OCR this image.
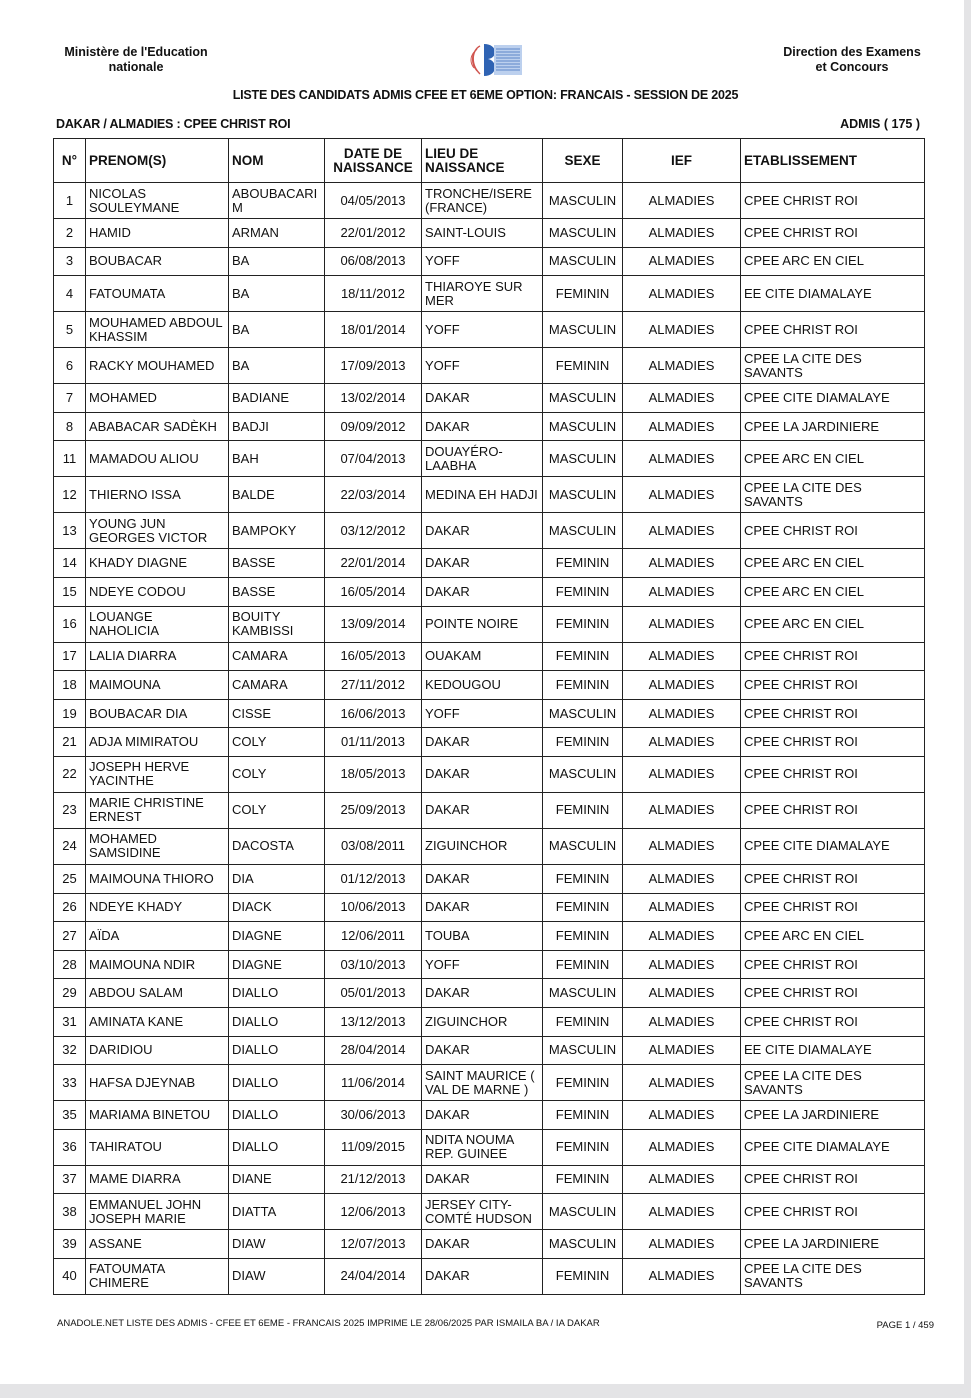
Ministère de l'Education
nationale
Direction des Examens
et Concours
LISTE DES CANDIDATS ADMIS CFEE ET 6EME OPTION: FRANCAIS - SESSION DE 2025
DAKAR / ALMADIES : CPEE CHRIST ROI	ADMIS ( 175 )
N°	PRENOM(S)	NOM	DATE DE NAISSANCE	LIEU DE NAISSANCE	SEXE	IEF	ETABLISSEMENT
1	NICOLAS SOULEYMANE	ABOUBACARI M	04/05/2013	TRONCHE/ISERE (FRANCE)	MASCULIN	ALMADIES	CPEE CHRIST ROI
2	HAMID	ARMAN	22/01/2012	SAINT-LOUIS	MASCULIN	ALMADIES	CPEE CHRIST ROI
3	BOUBACAR	BA	06/08/2013	YOFF	MASCULIN	ALMADIES	CPEE ARC EN CIEL
4	FATOUMATA	BA	18/11/2012	THIAROYE SUR MER	FEMININ	ALMADIES	EE CITE DIAMALAYE
5	MOUHAMED ABDOUL KHASSIM	BA	18/01/2014	YOFF	MASCULIN	ALMADIES	CPEE CHRIST ROI
6	RACKY MOUHAMED	BA	17/09/2013	YOFF	FEMININ	ALMADIES	CPEE LA CITE DES SAVANTS
7	MOHAMED	BADIANE	13/02/2014	DAKAR	MASCULIN	ALMADIES	CPEE CITE DIAMALAYE
8	ABABACAR SADÈKH	BADJI	09/09/2012	DAKAR	MASCULIN	ALMADIES	CPEE LA JARDINIERE
11	MAMADOU ALIOU	BAH	07/04/2013	DOUAYÉRO-LAABHA	MASCULIN	ALMADIES	CPEE ARC EN CIEL
12	THIERNO ISSA	BALDE	22/03/2014	MEDINA EH HADJI	MASCULIN	ALMADIES	CPEE LA CITE DES SAVANTS
13	YOUNG JUN GEORGES VICTOR	BAMPOKY	03/12/2012	DAKAR	MASCULIN	ALMADIES	CPEE CHRIST ROI
14	KHADY DIAGNE	BASSE	22/01/2014	DAKAR	FEMININ	ALMADIES	CPEE ARC EN CIEL
15	NDEYE CODOU	BASSE	16/05/2014	DAKAR	FEMININ	ALMADIES	CPEE ARC EN CIEL
16	LOUANGE NAHOLICIA	BOUITY KAMBISSI	13/09/2014	POINTE NOIRE	FEMININ	ALMADIES	CPEE ARC EN CIEL
17	LALIA DIARRA	CAMARA	16/05/2013	OUAKAM	FEMININ	ALMADIES	CPEE CHRIST ROI
18	MAIMOUNA	CAMARA	27/11/2012	KEDOUGOU	FEMININ	ALMADIES	CPEE CHRIST ROI
19	BOUBACAR DIA	CISSE	16/06/2013	YOFF	MASCULIN	ALMADIES	CPEE CHRIST ROI
21	ADJA MIMIRATOU	COLY	01/11/2013	DAKAR	FEMININ	ALMADIES	CPEE CHRIST ROI
22	JOSEPH HERVE YACINTHE	COLY	18/05/2013	DAKAR	MASCULIN	ALMADIES	CPEE CHRIST ROI
23	MARIE CHRISTINE ERNEST	COLY	25/09/2013	DAKAR	FEMININ	ALMADIES	CPEE CHRIST ROI
24	MOHAMED SAMSIDINE	DACOSTA	03/08/2011	ZIGUINCHOR	MASCULIN	ALMADIES	CPEE CITE DIAMALAYE
25	MAIMOUNA THIORO	DIA	01/12/2013	DAKAR	FEMININ	ALMADIES	CPEE CHRIST ROI
26	NDEYE KHADY	DIACK	10/06/2013	DAKAR	FEMININ	ALMADIES	CPEE CHRIST ROI
27	AÏDA	DIAGNE	12/06/2011	TOUBA	FEMININ	ALMADIES	CPEE ARC EN CIEL
28	MAIMOUNA NDIR	DIAGNE	03/10/2013	YOFF	FEMININ	ALMADIES	CPEE CHRIST ROI
29	ABDOU SALAM	DIALLO	05/01/2013	DAKAR	MASCULIN	ALMADIES	CPEE CHRIST ROI
31	AMINATA KANE	DIALLO	13/12/2013	ZIGUINCHOR	FEMININ	ALMADIES	CPEE CHRIST ROI
32	DARIDIOU	DIALLO	28/04/2014	DAKAR	MASCULIN	ALMADIES	EE CITE DIAMALAYE
33	HAFSA DJEYNAB	DIALLO	11/06/2014	SAINT MAURICE ( VAL DE MARNE )	FEMININ	ALMADIES	CPEE LA CITE DES SAVANTS
35	MARIAMA BINETOU	DIALLO	30/06/2013	DAKAR	FEMININ	ALMADIES	CPEE LA JARDINIERE
36	TAHIRATOU	DIALLO	11/09/2015	NDITA NOUMA REP. GUINEE	FEMININ	ALMADIES	CPEE CITE DIAMALAYE
37	MAME DIARRA	DIANE	21/12/2013	DAKAR	FEMININ	ALMADIES	CPEE CHRIST ROI
38	EMMANUEL JOHN JOSEPH MARIE	DIATTA	12/06/2013	JERSEY CITY-COMTÉ HUDSON	MASCULIN	ALMADIES	CPEE CHRIST ROI
39	ASSANE	DIAW	12/07/2013	DAKAR	MASCULIN	ALMADIES	CPEE LA JARDINIERE
40	FATOUMATA CHIMERE	DIAW	24/04/2014	DAKAR	FEMININ	ALMADIES	CPEE LA CITE DES SAVANTS
ANADOLE.NET LISTE DES ADMIS - CFEE ET 6EME - FRANCAIS 2025 IMPRIME LE 28/06/2025 PAR ISMAILA BA / IA DAKAR	PAGE 1 / 459
